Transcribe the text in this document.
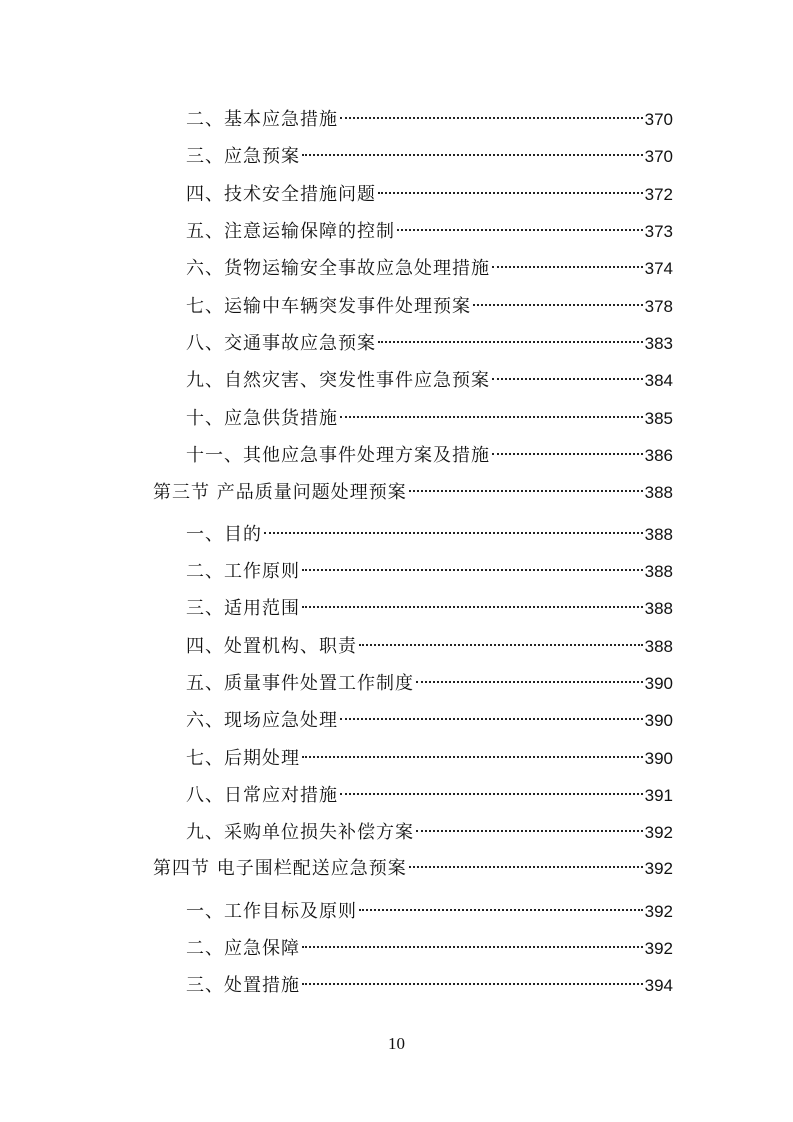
二、基本应急措施	370
三、应急预案	370
四、技术安全措施问题	372
五、注意运输保障的控制	373
六、货物运输安全事故应急处理措施	374
七、运输中车辆突发事件处理预案	378
八、交通事故应急预案	383
九、自然灾害、突发性事件应急预案	384
十、应急供货措施	385
十一、其他应急事件处理方案及措施	386
第三节 产品质量问题处理预案	388
一、目的	388
二、工作原则	388
三、适用范围	388
四、处置机构、职责	388
五、质量事件处置工作制度	390
六、现场应急处理	390
七、后期处理	390
八、日常应对措施	391
九、采购单位损失补偿方案	392
第四节 电子围栏配送应急预案	392
一、工作目标及原则	392
二、应急保障	392
三、处置措施	394
10
